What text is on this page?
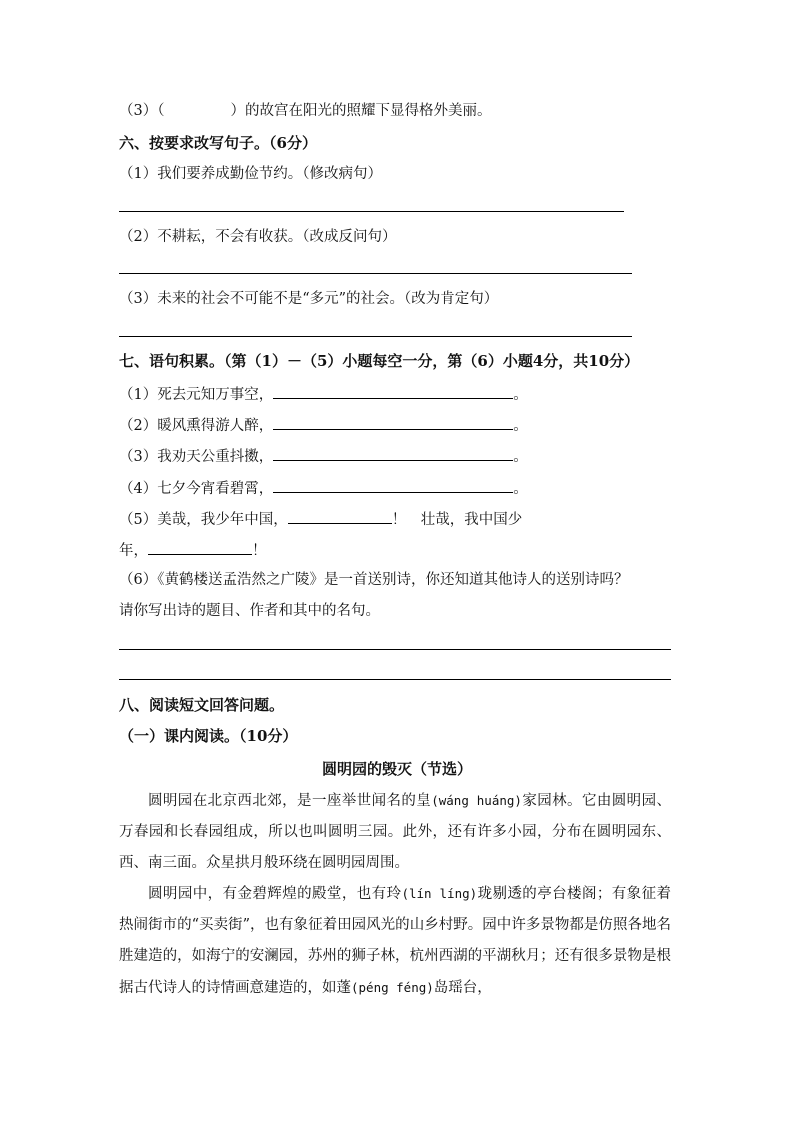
（3）（	）的故宫在阳光的照耀下显得格外美丽。
六、按要求改写句子。（6分）
（1）我们要养成勤俭节约。（修改病句）
（2）不耕耘，不会有收获。（改成反问句）
（3）未来的社会不可能不是“多元”的社会。（改为肯定句）
七、语句积累。（第（1）－（5）小题每空一分，第（6）小题4分，共10分）
（1）死去元知万事空，	。
（2）暖风熏得游人醉，	。
（3）我劝天公重抖擞，	。
（4）七夕今宵看碧霄，	。
（5）美哉，我少年中国，	！　壮哉，我中国少
年，	！
（6）《黄鹤楼送孟浩然之广陵》是一首送别诗，你还知道其他诗人的送别诗吗？
请你写出诗的题目、作者和其中的名句。
八、阅读短文回答问题。
（一）课内阅读。（10分）
圆明园的毁灭（节选）
圆明园在北京西北郊，是一座举世闻名的皇(wáng huáng)家园林。它由圆明园、万春园和长春园组成，所以也叫圆明三园。此外，还有许多小园，分布在圆明园东、西、南三面。众星拱月般环绕在圆明园周围。
圆明园中，有金碧辉煌的殿堂，也有玲(lín líng)珑剔透的亭台楼阁；有象征着热闹街市的“买卖街”，也有象征着田园风光的山乡村野。园中许多景物都是仿照各地名胜建造的，如海宁的安澜园，苏州的狮子林，杭州西湖的平湖秋月；还有很多景物是根据古代诗人的诗情画意建造的，如蓬(péng féng)岛瑶台，
